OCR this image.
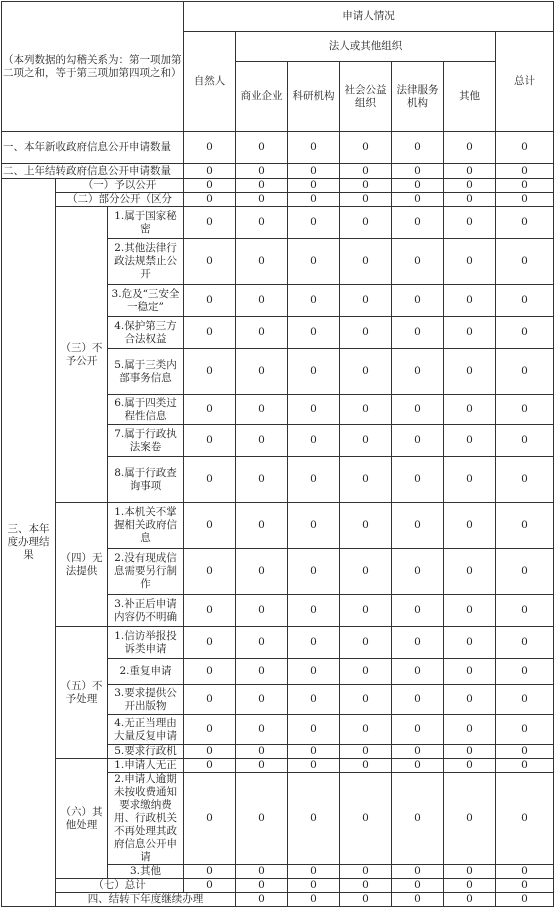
（本列数据的勾稽关系为：第一项加第二项之和，等于第三项加第四项之和）			申请人情况							
			自然人	法人或其他组织					总计	
				商业企业	科研机构	社会公益组织	法律服务机构	其他		
一、本年新收政府信息公开申请数量			0	0	0	0	0	0	0	
二、上年结转政府信息公开申请数量			0	0	0	0	0	0	0	
三、本年度办理结果	（一）予以公开		0	0	0	0	0	0	0	
	（二）部分公开（区分		0	0	0	0	0	0	0	
	（三）不予公开	1.属于国家秘密	0	0	0	0	0	0	0	
		2.其他法律行政法规禁止公开	0	0	0	0	0	0	0	
		3.危及“三安全一稳定”	0	0	0	0	0	0	0	
		4.保护第三方合法权益	0	0	0	0	0	0	0	
		5.属于三类内部事务信息	0	0	0	0	0	0	0	
		6.属于四类过程性信息	0	0	0	0	0	0	0	
		7.属于行政执法案卷	0	0	0	0	0	0	0	
		8.属于行政查询事项	0	0	0	0	0	0	0	
	（四）无法提供	1.本机关不掌握相关政府信息	0	0	0	0	0	0	0	
		2.没有现成信息需要另行制作	0	0	0	0	0	0	0	
		3.补正后申请内容仍不明确	0	0	0	0	0	0	0	
	（五）不予处理	1.信访举报投诉类申请	0	0	0	0	0	0	0	
		2.重复申请	0	0	0	0	0	0	0	
		3.要求提供公开出版物	0	0	0	0	0	0	0	
		4.无正当理由大量反复申请	0	0	0	0	0	0	0	
		5.要求行政机	0	0	0	0	0	0	0	
	（六）其他处理	1.申请人无正	0	0	0	0	0	0	0	
		2.申请人逾期未按收费通知要求缴纳费用、行政机关不再处理其政府信息公开申请	0	0	0	0	0	0	0	
		3.其他	0	0	0	0	0	0	0	
	（七）总计		0	0	0	0	0	0	0	
	四、结转下年度继续办理			0	0	0	0	0	0	
